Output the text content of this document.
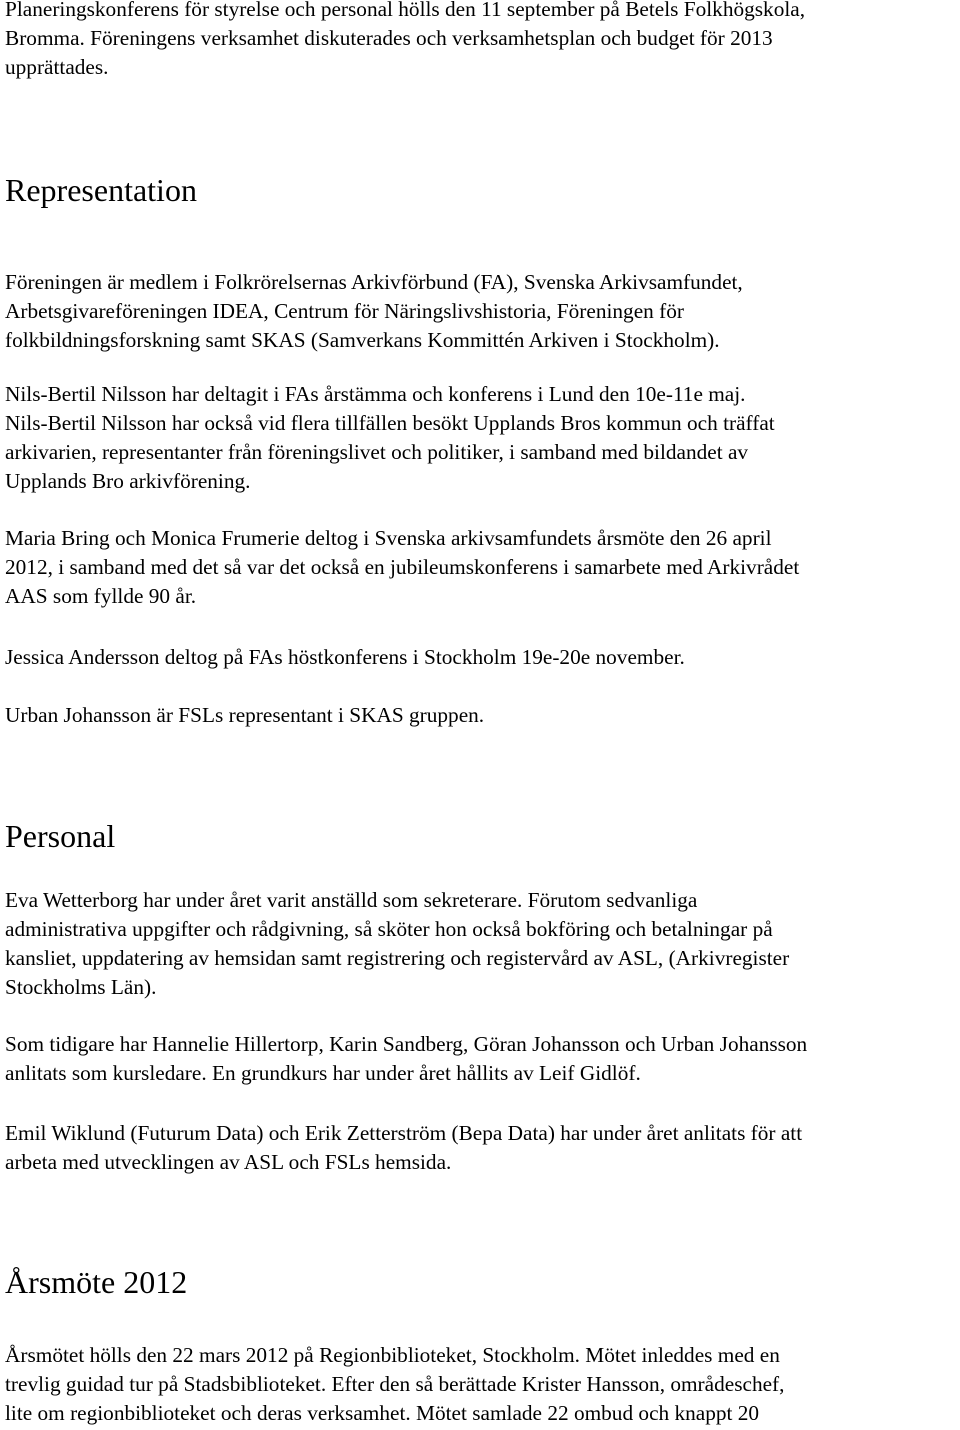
Planeringskonferens för styrelse och personal hölls den 11 september på Betels Folkhögskola,
Bromma. Föreningens verksamhet diskuterades och verksamhetsplan och budget för 2013
upprättades.

Representation

Föreningen är medlem i Folkrörelsernas Arkivförbund (FA), Svenska Arkivsamfundet,
Arbetsgivareföreningen IDEA, Centrum för Näringslivshistoria, Föreningen för
folkbildningsforskning samt SKAS (Samverkans Kommittén Arkiven i Stockholm).

Nils-Bertil Nilsson har deltagit i FAs årstämma och konferens i Lund den 10e-11e maj.
Nils-Bertil Nilsson har också vid flera tillfällen besökt Upplands Bros kommun och träffat
arkivarien, representanter från föreningslivet och politiker, i samband med bildandet av
Upplands Bro arkivförening.

Maria Bring och Monica Frumerie deltog i Svenska arkivsamfundets årsmöte den 26 april
2012, i samband med det så var det också en jubileumskonferens i samarbete med Arkivrådet
AAS som fyllde 90 år.

Jessica Andersson deltog på FAs höstkonferens i Stockholm 19e-20e november.

Urban Johansson är FSLs representant i SKAS gruppen.

Personal

Eva Wetterborg har under året varit anställd som sekreterare. Förutom sedvanliga
administrativa uppgifter och rådgivning, så sköter hon också bokföring och betalningar på
kansliet, uppdatering av hemsidan samt registrering och registervård av ASL, (Arkivregister
Stockholms Län).

Som tidigare har Hannelie Hillertorp, Karin Sandberg, Göran Johansson och Urban Johansson
anlitats som kursledare. En grundkurs har under året hållits av Leif Gidlöf.

Emil Wiklund (Futurum Data) och Erik Zetterström (Bepa Data) har under året anlitats för att
arbeta med utvecklingen av ASL och FSLs hemsida.

Årsmöte 2012

Årsmötet hölls den 22 mars 2012 på Regionbiblioteket, Stockholm. Mötet inleddes med en
trevlig guidad tur på Stadsbiblioteket. Efter den så berättade Krister Hansson, områdeschef,
lite om regionbiblioteket och deras verksamhet. Mötet samlade 22 ombud och knappt 20
